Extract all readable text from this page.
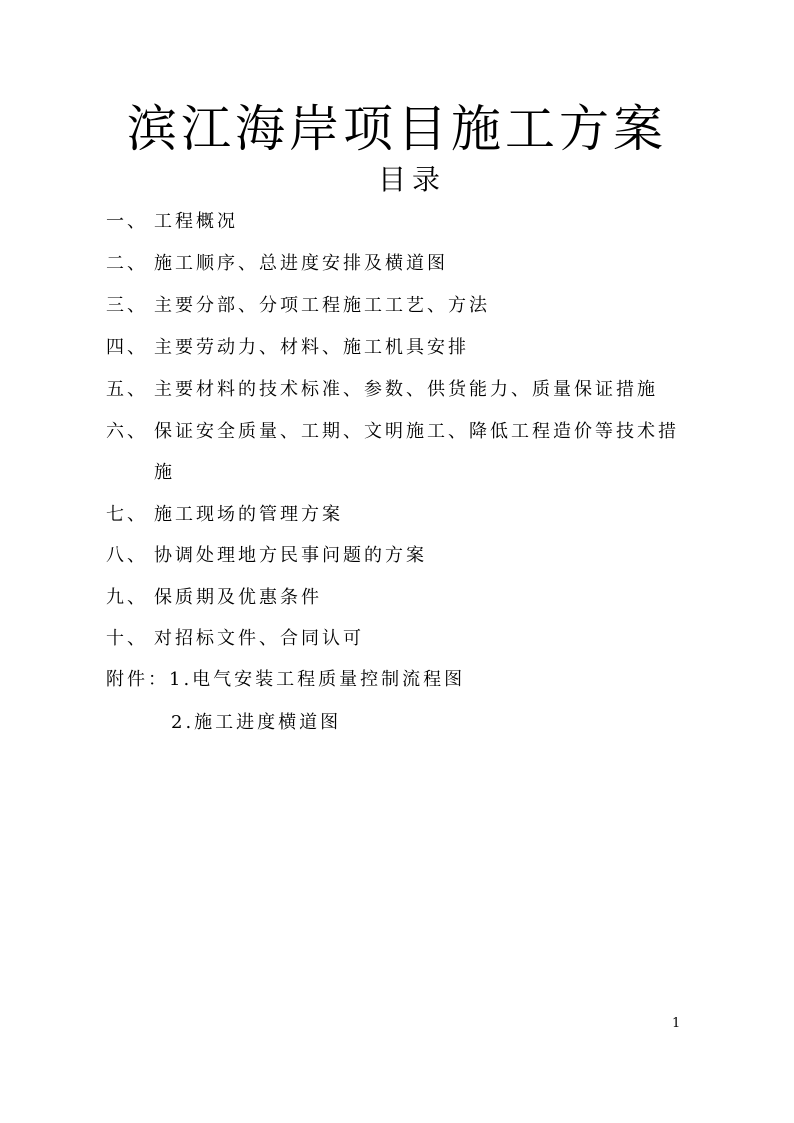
滨江海岸项目施工方案
目录
一、 工程概况
二、 施工顺序、总进度安排及横道图
三、 主要分部、分项工程施工工艺、方法
四、 主要劳动力、材料、施工机具安排
五、 主要材料的技术标准、参数、供货能力、质量保证措施
六、 保证安全质量、工期、文明施工、降低工程造价等技术措
施
七、 施工现场的管理方案
八、 协调处理地方民事问题的方案
九、 保质期及优惠条件
十、 对招标文件、合同认可
附件：1.电气安装工程质量控制流程图
2.施工进度横道图
1
